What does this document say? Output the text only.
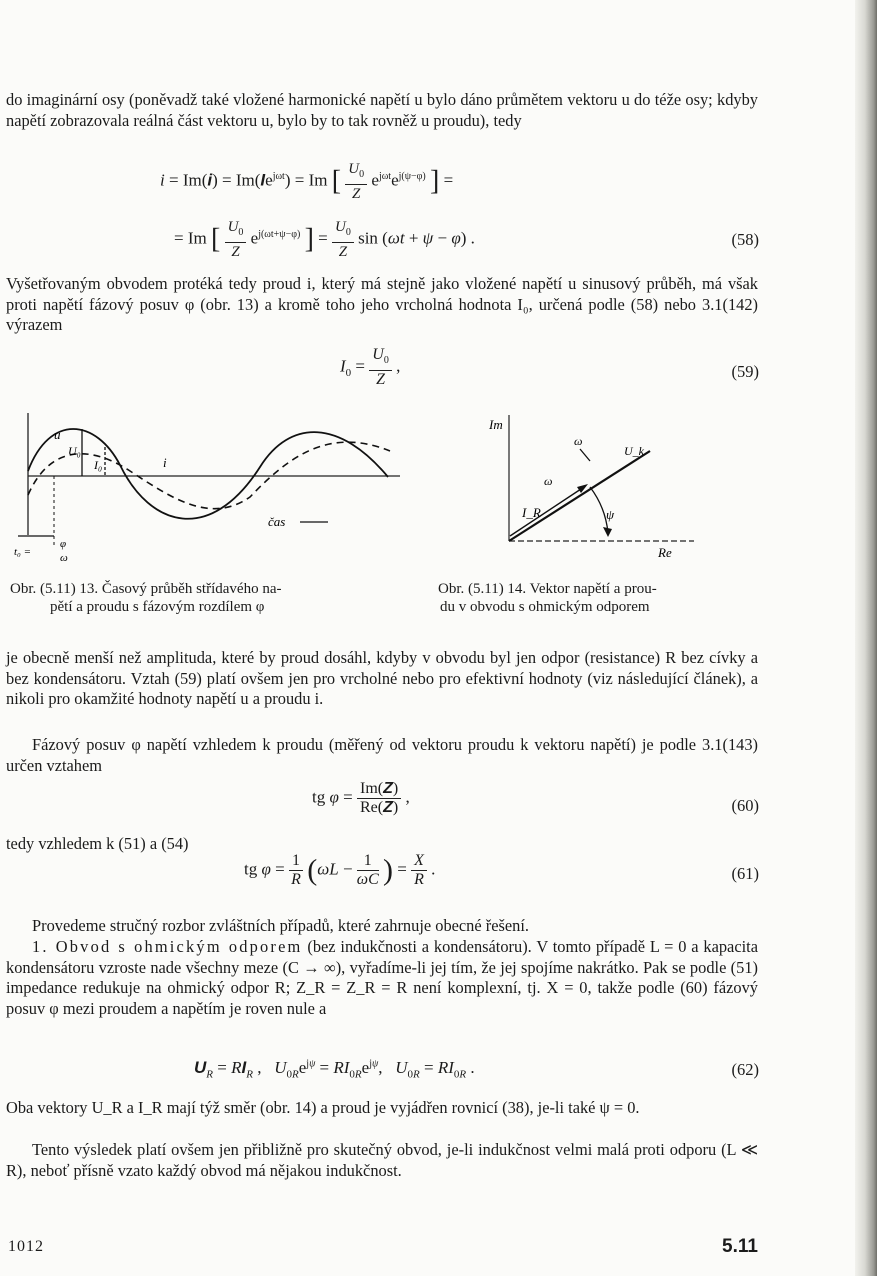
do imaginární osy (poněvadž také vložené harmonické napětí u bylo dáno průmětem vektoru u do téže osy; kdyby napětí zobrazovala reálná část vektoru u, bylo by to tak rovněž u proudu), tedy

$i = Im(i) = Im(Ie^{j\omega t}) = Im$ [ $\frac{U_0}{Z} e^{j\omega t}e^{j(\psi-\varphi)}$ ] =
= Im [ $\frac{U_0}{Z} e^{j(\omega t+\psi-\varphi)}$ ] = $\frac{U_0}{Z}$ sin (ωt + ψ − φ) .	(58)

Vyšetřovaným obvodem protéká tedy proud i, který má stejně jako vložené napětí u sinusový průběh, má však proti napětí fázový posuv φ (obr. 13) a kromě toho jeho vrcholná hodnota I₀, určená podle (58) nebo 3.1(142) výrazem

$I_0 = \frac{U_0}{Z}$ ,	(59)
u
U₀
I₀	i
čas
t₀ =
φ
ω
Im
Re
ω
ω
U_k
I_R	ψ
Obr. (5.11) 13. Časový průběh střídavého na-
pětí a proudu s fázovým rozdílem φ
Obr. (5.11) 14. Vektor napětí a prou-
du v obvodu s ohmickým odporem

je obecně menší než amplituda, které by proud dosáhl, kdyby v obvodu byl jen odpor (resistance) R bez cívky a bez kondensátoru. Vztah (59) platí ovšem jen pro vrcholné nebo pro efektivní hodnoty (viz následující článek), a nikoli pro okamžité hodnoty napětí u a proudu i.

Fázový posuv φ napětí vzhledem k proudu (měřený od vektoru proudu k vektoru napětí) je podle 3.1(143) určen vztahem

tg $\varphi = \frac{Im(Z)}{Re(Z)}$ ,	(60)

tedy vzhledem k (51) a (54)

tg $\varphi = \frac{1}{R} (\omega L - \frac{1}{\omega C}$ ) = $\frac{X}{R}$ .	(61)

Provedeme stručný rozbor zvláštních případů, které zahrnuje obecné řešení.

1. Obvod s ohmickým odporem (bez indukčnosti a kondensátoru). V tomto případě L = 0 a kapacita kondensátoru vzroste nade všechny meze (C → ∞), vyřadíme-li jej tím, že jej spojíme nakrátko. Pak se podle (51) impedance redukuje na ohmický odpor R; Z_R = Z_R = R není komplexní, tj. X = 0, takže podle (60) fázový posuv φ mezi proudem a napětím je roven nule a

$U_R = RI_R$ ,   $U_{0R}e^{j\psi} = RI_{0R}e^{j\psi}$,   $U_{0R} = RI_{0R}$ .	(62)

Oba vektory U_R a I_R mají týž směr (obr. 14) a proud je vyjádřen rovnicí (38), je-li také ψ = 0.

Tento výsledek platí ovšem jen přibližně pro skutečný obvod, je-li indukčnost velmi malá proti odporu (L ≪ R), neboť přísně vzato každý obvod má nějakou indukčnost.

1012	5.11
